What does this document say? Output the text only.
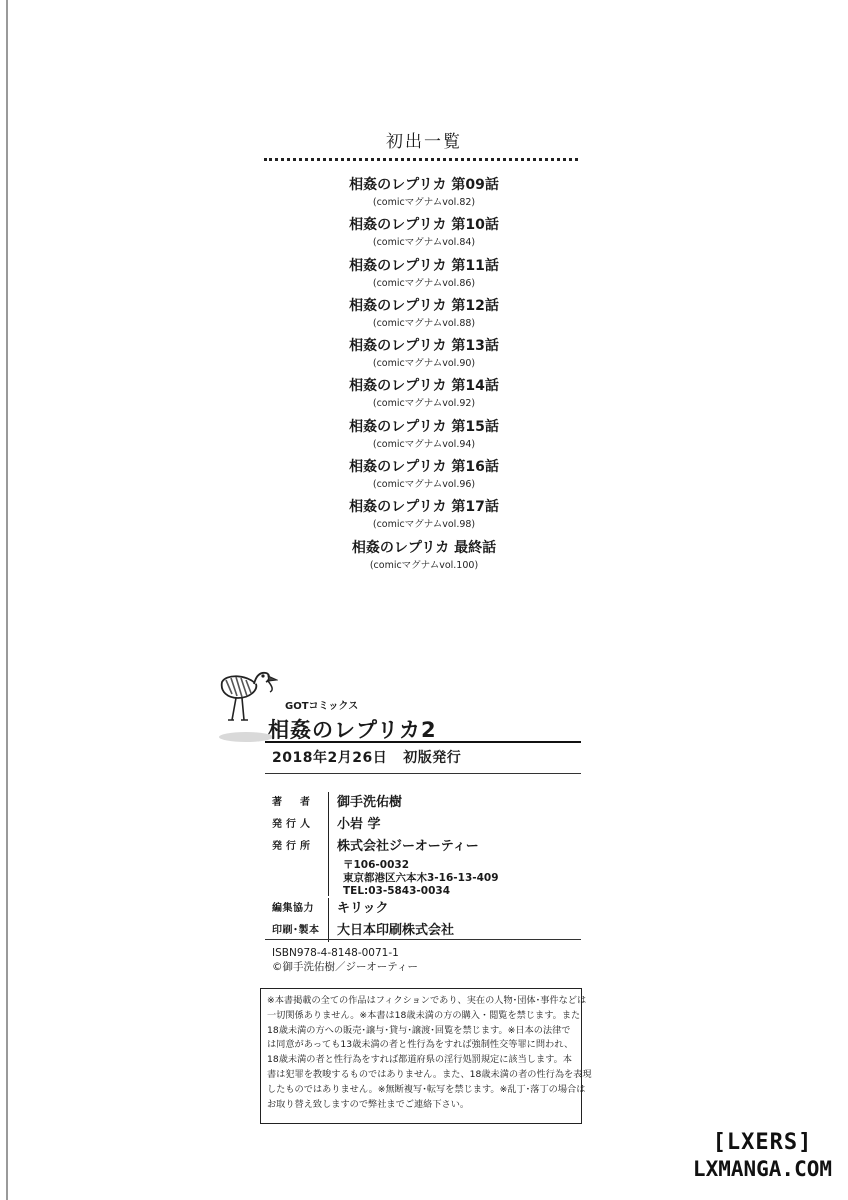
初出一覧
相姦のレプリカ 第09話
(comicマグナムvol.82)
相姦のレプリカ 第10話
(comicマグナムvol.84)
相姦のレプリカ 第11話
(comicマグナムvol.86)
相姦のレプリカ 第12話
(comicマグナムvol.88)
相姦のレプリカ 第13話
(comicマグナムvol.90)
相姦のレプリカ 第14話
(comicマグナムvol.92)
相姦のレプリカ 第15話
(comicマグナムvol.94)
相姦のレプリカ 第16話
(comicマグナムvol.96)
相姦のレプリカ 第17話
(comicマグナムvol.98)
相姦のレプリカ 最終話
(comicマグナムvol.100)
GOTコミックス
相姦のレプリカ2
2018年2月26日 初版発行
著　者	御手洗佑樹
発行人	小岩 学
発行所	株式会社ジーオーティー
〒106-0032
東京都港区六本木3-16-13-409
TEL:03-5843-0034
編集協力	キリック
印刷･製本	大日本印刷株式会社
ISBN978-4-8148-0071-1
©御手洗佑樹／ジーオーティー
※本書掲載の全ての作品はフィクションであり、実在の人物･団体･事件などは
一切関係ありません。※本書は18歳未満の方の購入・閲覧を禁じます。また
18歳未満の方への販売･譲与･貸与･譲渡･回覧を禁じます。※日本の法律で
は同意があっても13歳未満の者と性行為をすれば強制性交等罪に問われ、
18歳未満の者と性行為をすれば都道府県の淫行処罰規定に該当します。本
書は犯罪を教唆するものではありません。また、18歳未満の者の性行為を表現
したものではありません。※無断複写･転写を禁じます。※乱丁･落丁の場合は
お取り替え致しますので弊社までご連絡下さい。
[LXERS]
LXMANGA.COM
